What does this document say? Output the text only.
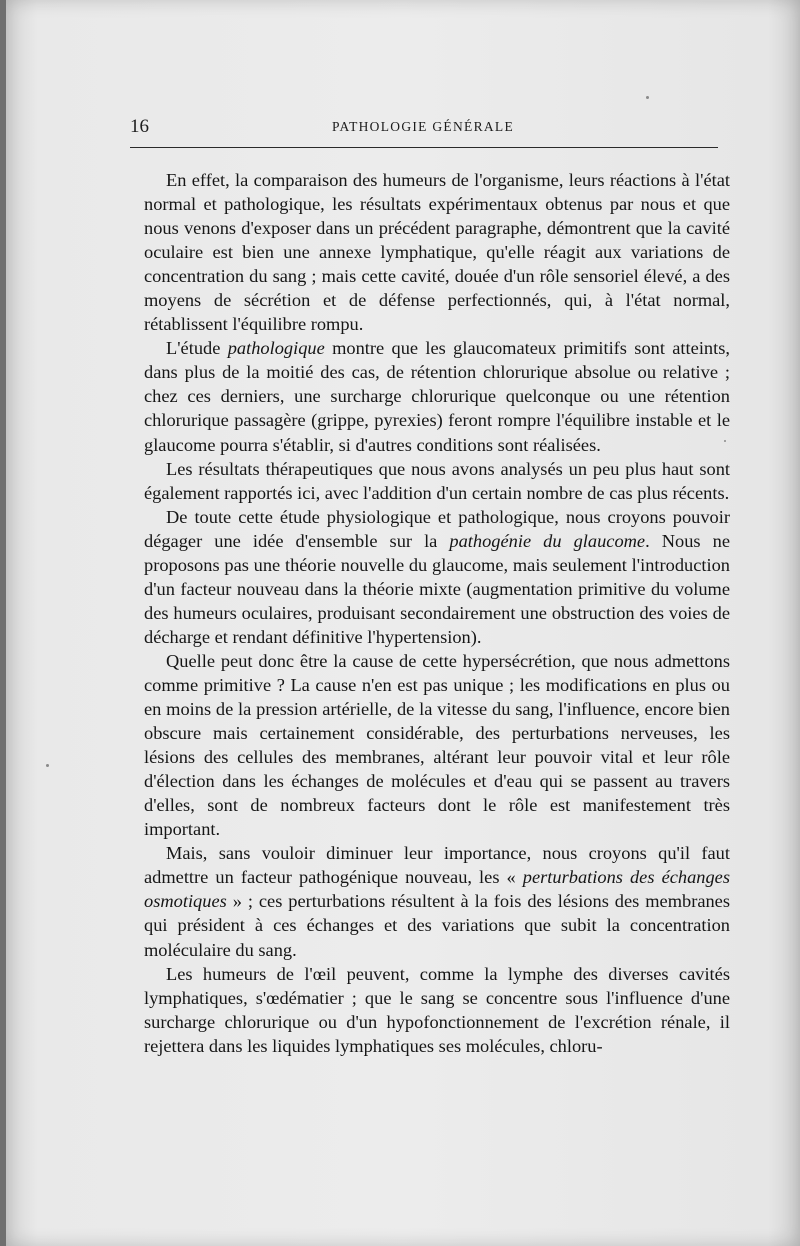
16	PATHOLOGIE GÉNÉRALE

En effet, la comparaison des humeurs de l'organisme, leurs réactions à l'état normal et pathologique, les résultats expérimentaux obtenus par nous et que nous venons d'exposer dans un précédent paragraphe, démontrent que la cavité oculaire est bien une annexe lymphatique, qu'elle réagit aux variations de concentration du sang ; mais cette cavité, douée d'un rôle sensoriel élevé, a des moyens de sécrétion et de défense perfectionnés, qui, à l'état normal, rétablissent l'équilibre rompu.

L'étude pathologique montre que les glaucomateux primitifs sont atteints, dans plus de la moitié des cas, de rétention chlorurique absolue ou relative ; chez ces derniers, une surcharge chlorurique quelconque ou une rétention chlorurique passagère (grippe, pyrexies) feront rompre l'équilibre instable et le glaucome pourra s'établir, si d'autres conditions sont réalisées.

Les résultats thérapeutiques que nous avons analysés un peu plus haut sont également rapportés ici, avec l'addition d'un certain nombre de cas plus récents.

De toute cette étude physiologique et pathologique, nous croyons pouvoir dégager une idée d'ensemble sur la pathogénie du glaucome. Nous ne proposons pas une théorie nouvelle du glaucome, mais seulement l'introduction d'un facteur nouveau dans la théorie mixte (augmentation primitive du volume des humeurs oculaires, produisant secondairement une obstruction des voies de décharge et rendant définitive l'hypertension).

Quelle peut donc être la cause de cette hypersécrétion, que nous admettons comme primitive ? La cause n'en est pas unique ; les modifications en plus ou en moins de la pression artérielle, de la vitesse du sang, l'influence, encore bien obscure mais certainement considérable, des perturbations nerveuses, les lésions des cellules des membranes, altérant leur pouvoir vital et leur rôle d'élection dans les échanges de molécules et d'eau qui se passent au travers d'elles, sont de nombreux facteurs dont le rôle est manifestement très important.

Mais, sans vouloir diminuer leur importance, nous croyons qu'il faut admettre un facteur pathogénique nouveau, les « perturbations des échanges osmotiques » ; ces perturbations résultent à la fois des lésions des membranes qui président à ces échanges et des variations que subit la concentration moléculaire du sang.

Les humeurs de l'œil peuvent, comme la lymphe des diverses cavités lymphatiques, s'œdématier ; que le sang se concentre sous l'influence d'une surcharge chlorurique ou d'un hypofonctionnement de l'excrétion rénale, il rejettera dans les liquides lymphatiques ses molécules, chloru-
